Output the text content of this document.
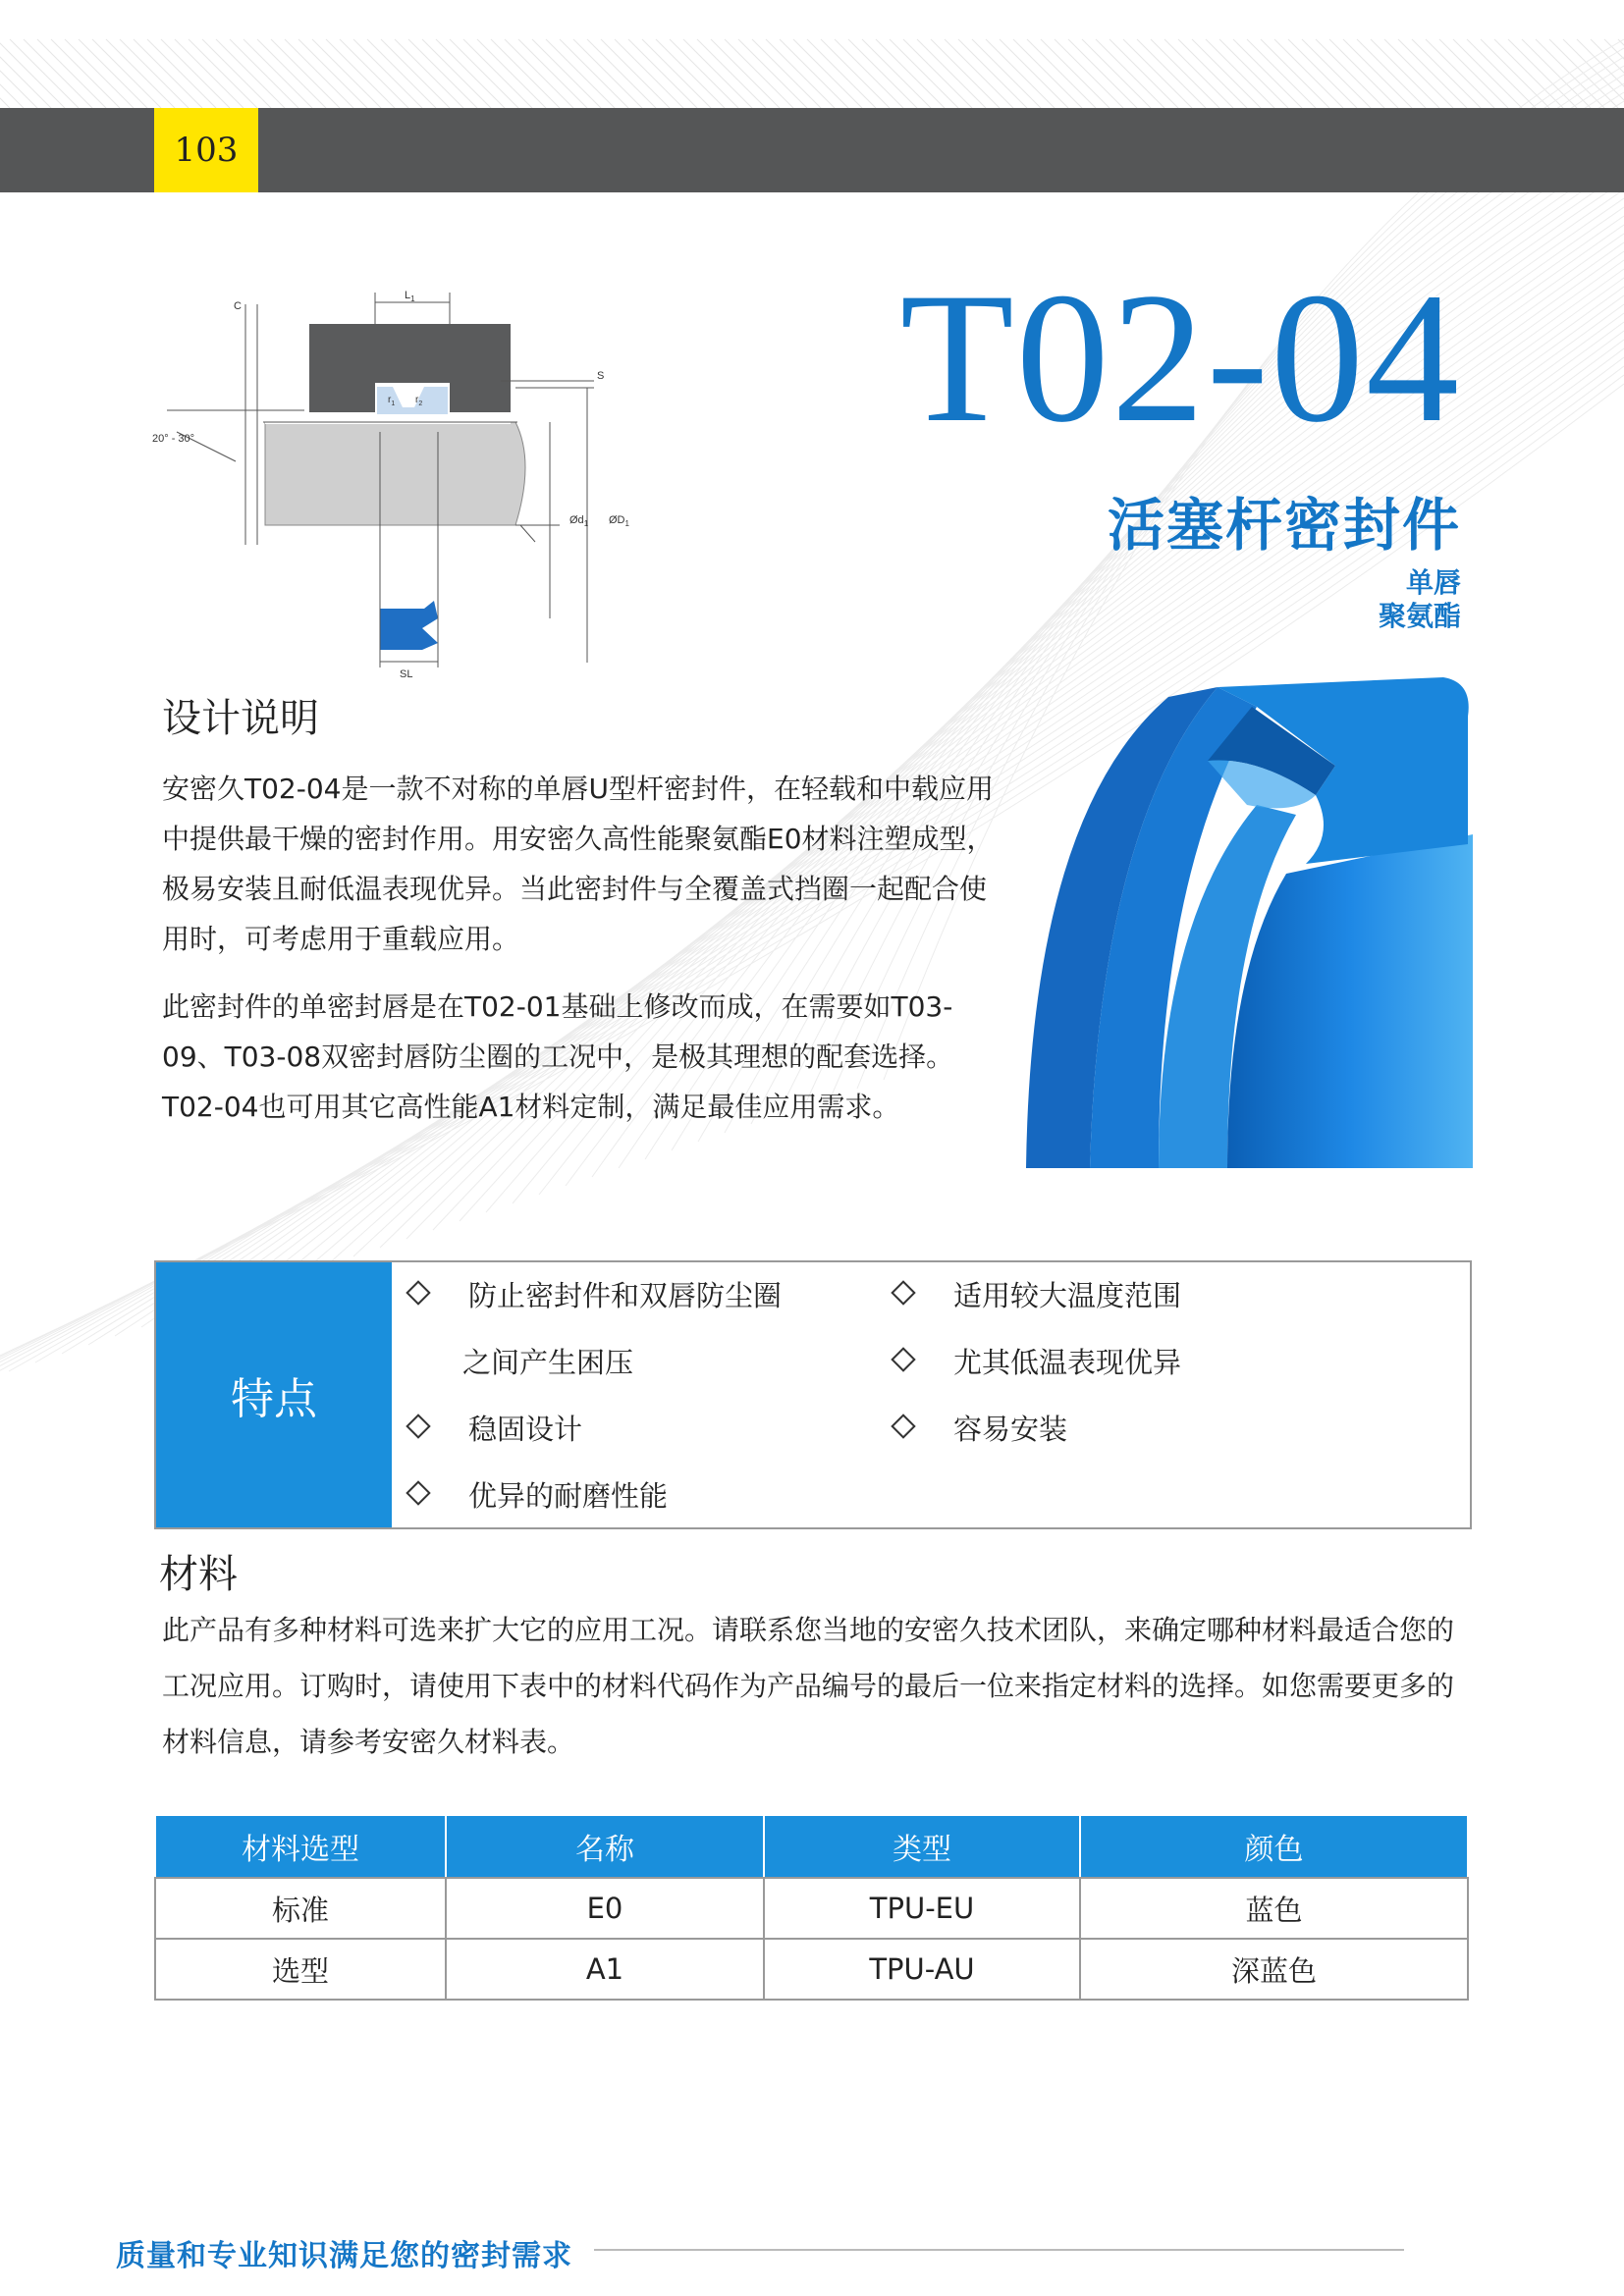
103
C
$L_1$
S
20° - 30°
$r_1$ $r_2$
$Ød_1$ $ØD_1$
SL
T02-04
活塞杆密封件
单唇
聚氨酯
设计说明
安密久T02-04是一款不对称的单唇U型杆密封件，在轻载和中载应用中提供最干燥的密封作用。用安密久高性能聚氨酯E0材料注塑成型，极易安装且耐低温表现优异。当此密封件与全覆盖式挡圈一起配合使用时，可考虑用于重载应用。
此密封件的单密封唇是在T02-01基础上修改而成，在需要如T03-09、T03-08双密封唇防尘圈的工况中，是极其理想的配套选择。T02-04也可用其它高性能A1材料定制，满足最佳应用需求。
特点
防止密封件和双唇防尘圈
之间产生困压
稳固设计
优异的耐磨性能
适用较大温度范围
尤其低温表现优异
容易安装
材料
此产品有多种材料可选来扩大它的应用工况。请联系您当地的安密久技术团队，来确定哪种材料最适合您的工况应用。订购时，请使用下表中的材料代码作为产品编号的最后一位来指定材料的选择。如您需要更多的材料信息，请参考安密久材料表。
材料选型	名称	类型	颜色
标准	E0	TPU-EU	蓝色
选型	A1	TPU-AU	深蓝色
质量和专业知识满足您的密封需求
